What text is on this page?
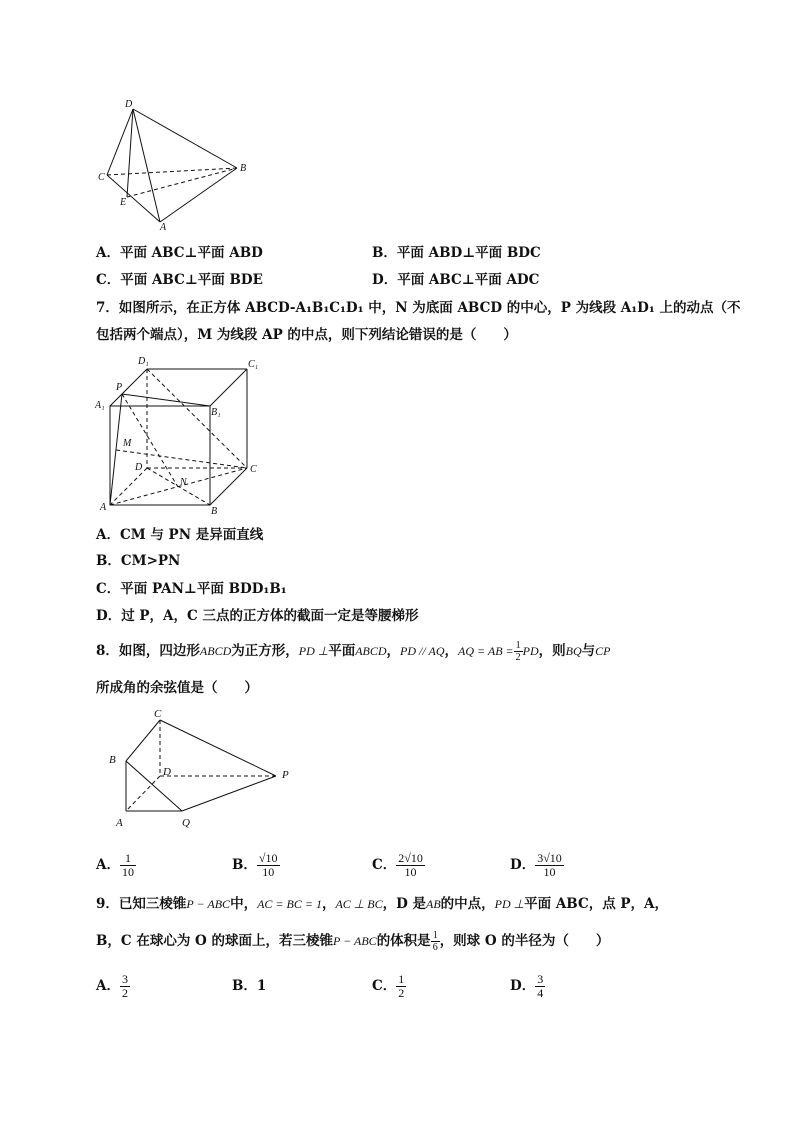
D
B
C
E
A
A．平面 ABC⊥平面 ABD	B．平面 ABD⊥平面 BDC
C．平面 ABC⊥平面 BDE	D．平面 ABC⊥平面 ADC
7．如图所示，在正方体 ABCD-A₁B₁C₁D₁ 中，N 为底面 ABCD 的中心，P 为线段 A₁D₁ 上的动点（不
包括两个端点），M 为线段 AP 的中点，则下列结论错误的是（　　）
D₁	C₁
P
A₁
B₁
M
D	C
N
A	B
A．CM 与 PN 是异面直线
B．CM>PN
C．平面 PAN⊥平面 BDD₁B₁
D．过 P，A，C 三点的正方体的截面一定是等腰梯形
8．如图，四边形ABCD为正方形，PD ⊥平面ABCD，PD // AQ，AQ = AB = $\frac{1}{2}$ PD，则BQ与CP
所成角的余弦值是（　　）
C
B
D	P
A	Q
A． $\frac{1}{10}$	B． $\frac{√10}{10}$	C． $\frac{2√10}{10}$	D． $\frac{3√10}{10}$
9．已知三棱锥P − ABC中，AC = BC = 1，AC ⊥ BC，D 是AB的中点，PD ⊥平面 ABC，点 P，A，
B，C 在球心为 O 的球面上，若三棱锥P − ABC的体积是 $\frac{1}{6}$ ，则球 O 的半径为（　　）
A． $\frac{3}{2}$	B．1	C． $\frac{1}{2}$	D． $\frac{3}{4}$
